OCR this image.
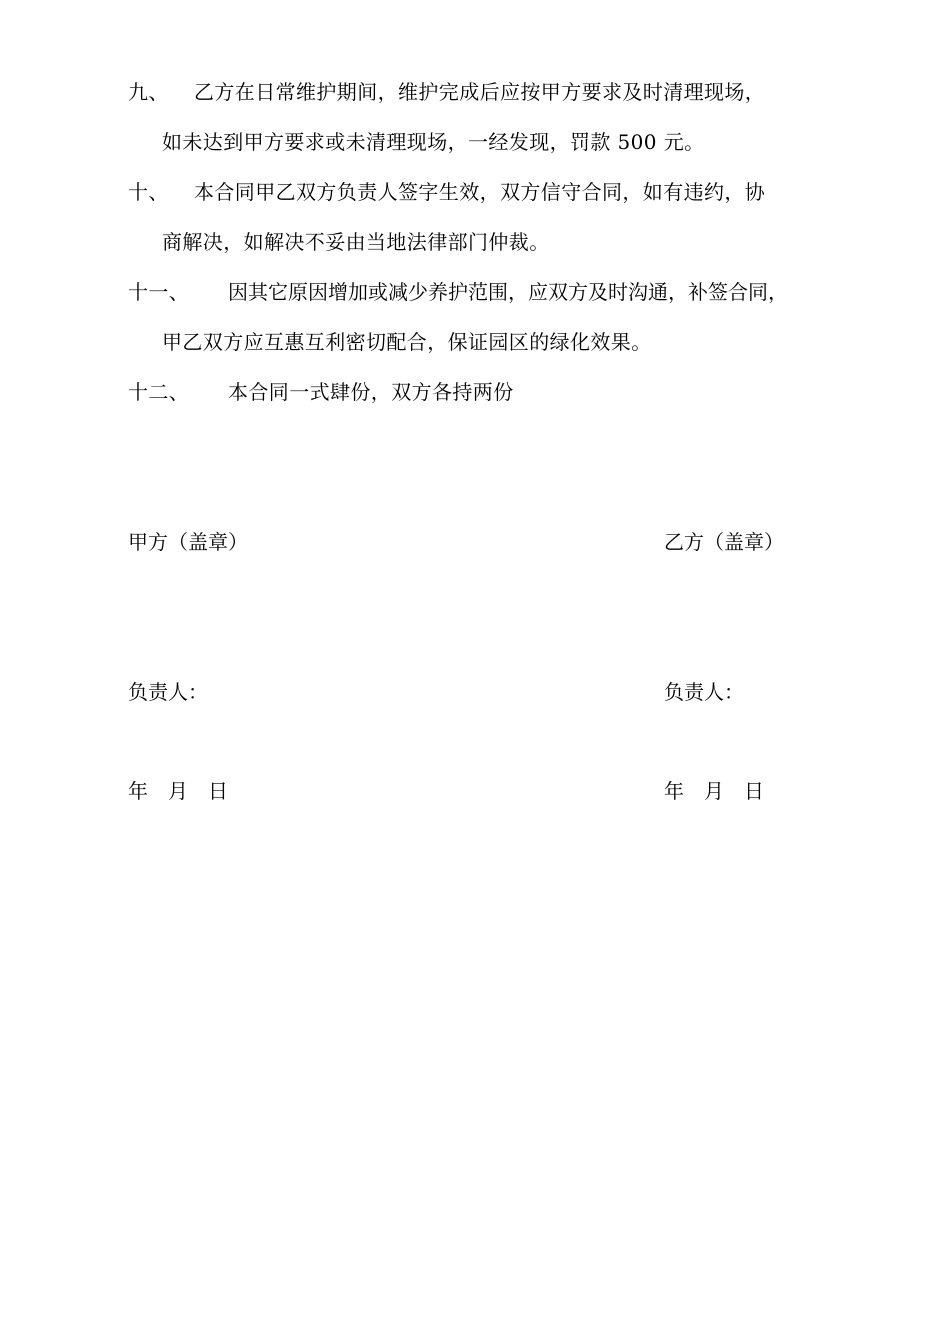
九、 乙方在日常维护期间，维护完成后应按甲方要求及时清理现场，
如未达到甲方要求或未清理现场，一经发现，罚款 500 元。
十、 本合同甲乙双方负责人签字生效，双方信守合同，如有违约，协
商解决，如解决不妥由当地法律部门仲裁。
十一、 因其它原因增加或减少养护范围，应双方及时沟通，补签合同，
甲乙双方应互惠互利密切配合，保证园区的绿化效果。
十二、 本合同一式肆份，双方各持两份
甲方（盖章）
负责人：
年　月　日
乙方（盖章）
负责人：
年　月　日
